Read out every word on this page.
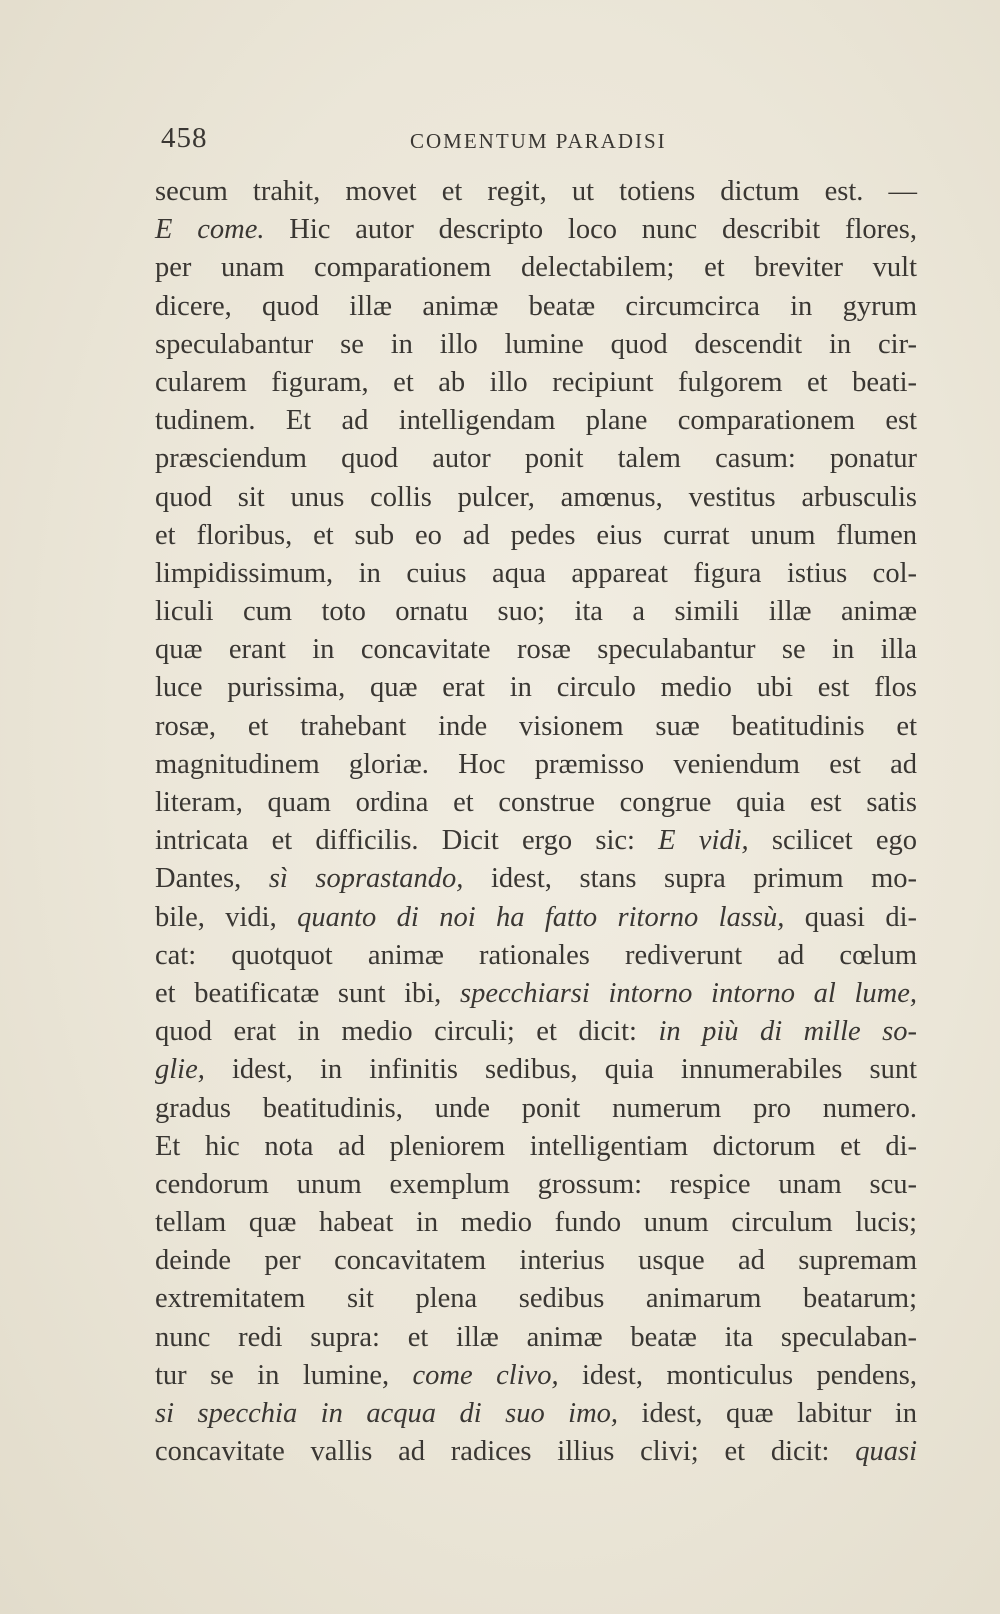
458	COMENTUM PARADISI
secum trahit, movet et regit, ut totiens dictum est. —
E come. Hic autor descripto loco nunc describit flores,
per unam comparationem delectabilem; et breviter vult
dicere, quod illæ animæ beatæ circumcirca in gyrum
speculabantur se in illo lumine quod descendit in cir-
cularem figuram, et ab illo recipiunt fulgorem et beati-
tudinem. Et ad intelligendam plane comparationem est
præsciendum quod autor ponit talem casum: ponatur
quod sit unus collis pulcer, amœnus, vestitus arbusculis
et floribus, et sub eo ad pedes eius currat unum flumen
limpidissimum, in cuius aqua appareat figura istius col-
liculi cum toto ornatu suo; ita a simili illæ animæ
quæ erant in concavitate rosæ speculabantur se in illa
luce purissima, quæ erat in circulo medio ubi est flos
rosæ, et trahebant inde visionem suæ beatitudinis et
magnitudinem gloriæ. Hoc præmisso veniendum est ad
literam, quam ordina et construe congrue quia est satis
intricata et difficilis. Dicit ergo sic: E vidi, scilicet ego
Dantes, sì soprastando, idest, stans supra primum mo-
bile, vidi, quanto di noi ha fatto ritorno lassù, quasi di-
cat: quotquot animæ rationales rediverunt ad cœlum
et beatificatæ sunt ibi, specchiarsi intorno intorno al lume,
quod erat in medio circuli; et dicit: in più di mille so-
glie, idest, in infinitis sedibus, quia innumerabiles sunt
gradus beatitudinis, unde ponit numerum pro numero.
Et hic nota ad pleniorem intelligentiam dictorum et di-
cendorum unum exemplum grossum: respice unam scu-
tellam quæ habeat in medio fundo unum circulum lucis;
deinde per concavitatem interius usque ad supremam
extremitatem sit plena sedibus animarum beatarum;
nunc redi supra: et illæ animæ beatæ ita speculaban-
tur se in lumine, come clivo, idest, monticulus pendens,
si specchia in acqua di suo imo, idest, quæ labitur in
concavitate vallis ad radices illius clivi; et dicit: quasi
